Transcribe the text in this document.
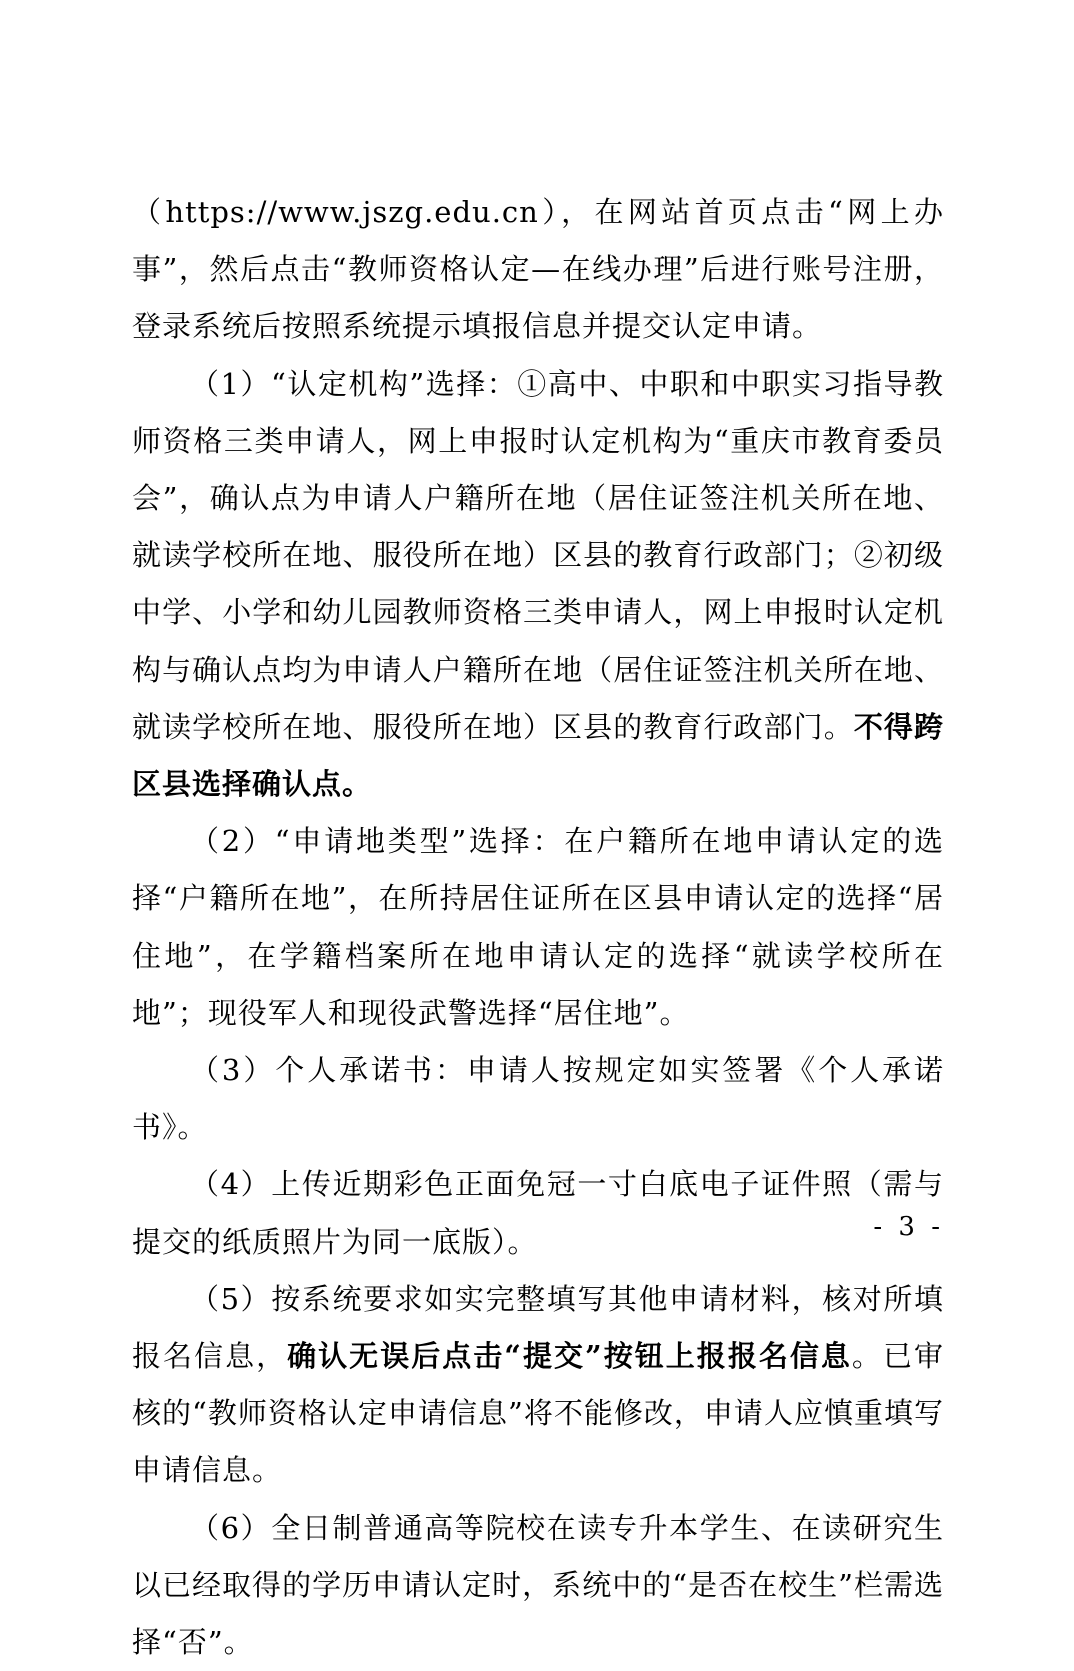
（https://www.jszg.edu.cn），在网站首页点击“网上办事”，然后点击“教师资格认定—在线办理”后进行账号注册，登录系统后按照系统提示填报信息并提交认定申请。

（1）“认定机构”选择：①高中、中职和中职实习指导教师资格三类申请人，网上申报时认定机构为“重庆市教育委员会”，确认点为申请人户籍所在地（居住证签注机关所在地、就读学校所在地、服役所在地）区县的教育行政部门；②初级中学、小学和幼儿园教师资格三类申请人，网上申报时认定机构与确认点均为申请人户籍所在地（居住证签注机关所在地、就读学校所在地、服役所在地）区县的教育行政部门。不得跨区县选择确认点。

（2）“申请地类型”选择：在户籍所在地申请认定的选择“户籍所在地”，在所持居住证所在区县申请认定的选择“居住地”，在学籍档案所在地申请认定的选择“就读学校所在地”；现役军人和现役武警选择“居住地”。

（3）个人承诺书：申请人按规定如实签署《个人承诺书》。

（4）上传近期彩色正面免冠一寸白底电子证件照（需与提交的纸质照片为同一底版）。

（5）按系统要求如实完整填写其他申请材料，核对所填报名信息，确认无误后点击“提交”按钮上报报名信息。已审核的“教师资格认定申请信息”将不能修改，申请人应慎重填写申请信息。

（6）全日制普通高等院校在读专升本学生、在读研究生以已经取得的学历申请认定时，系统中的“是否在校生”栏需选择“否”。

- 3 -
